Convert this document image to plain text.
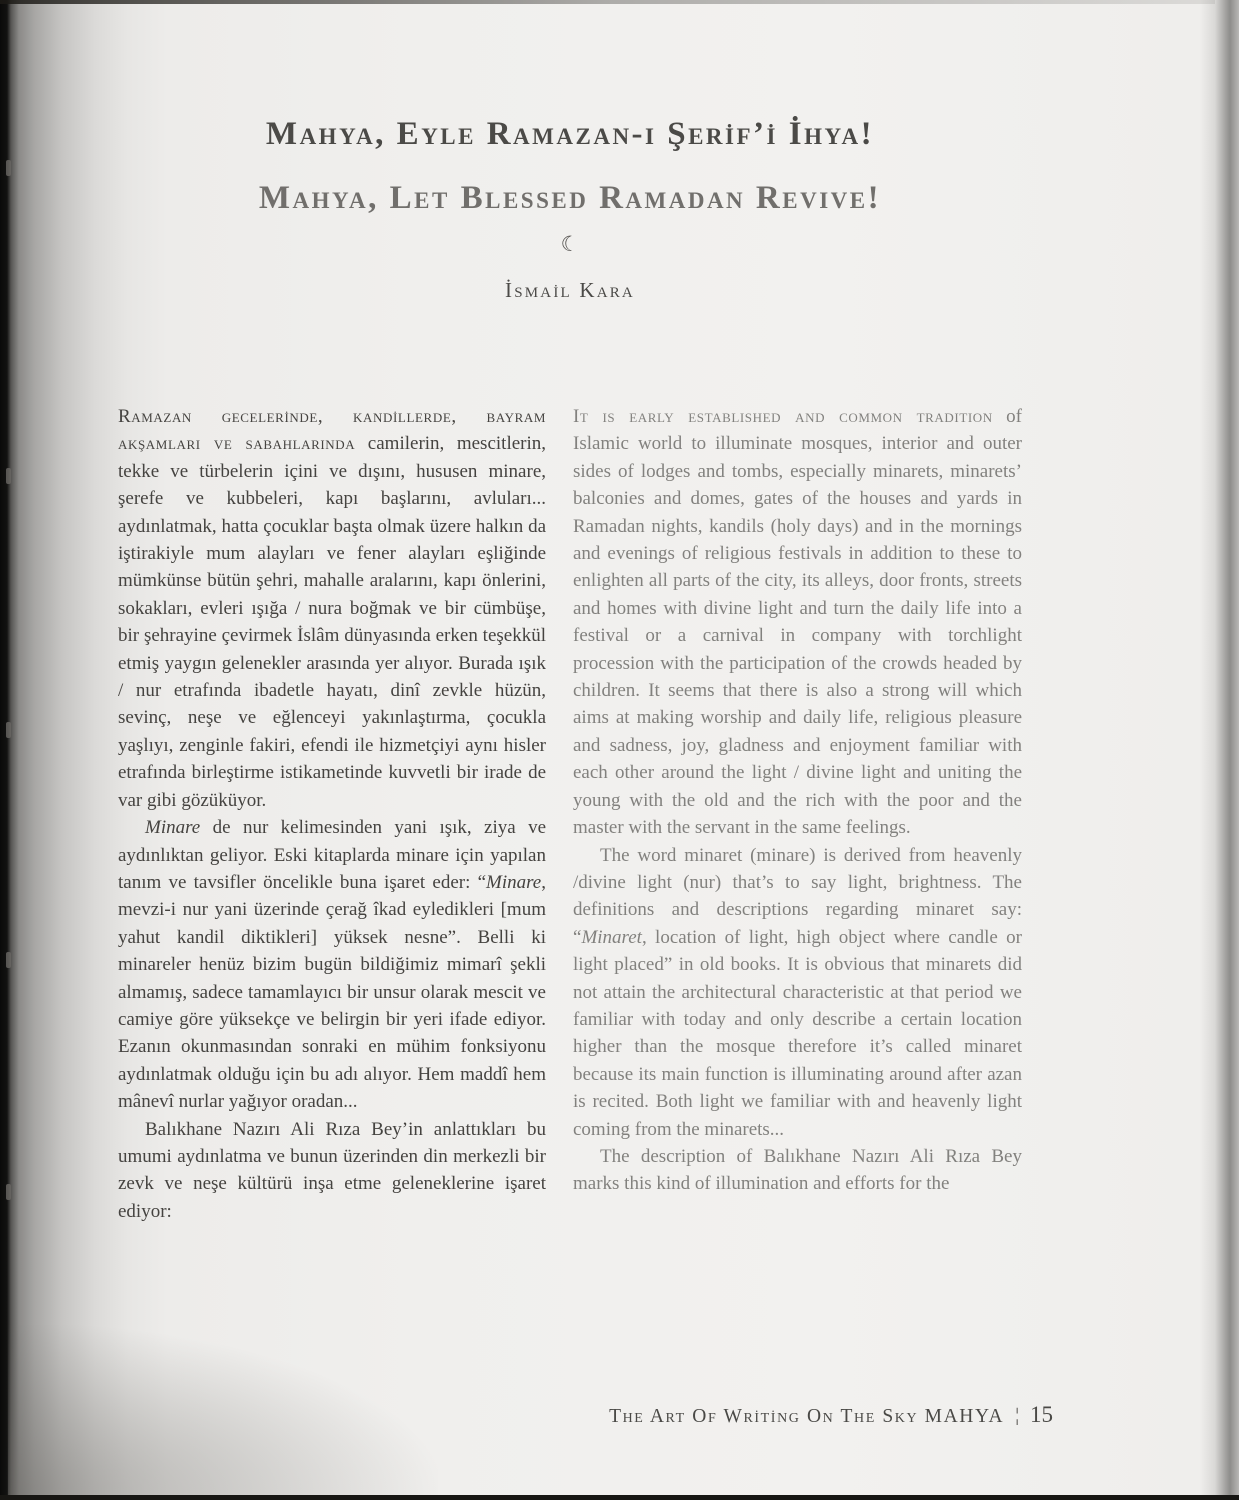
Mahya, Eyle Ramazan-ı Şerif’i İhya!
Mahya, Let Blessed Ramadan Revive!
☾
İsmail Kara

Ramazan gecelerinde, kandillerde, bayram akşamları ve sabahlarında camilerin, mescitlerin, tekke ve türbelerin içini ve dışını, hususen minare, şerefe ve kubbeleri, kapı başlarını, avluları... aydınlatmak, hatta çocuklar başta olmak üzere halkın da iştirakiyle mum alayları ve fener alayları eşliğinde mümkünse bütün şehri, mahalle aralarını, kapı önlerini, sokakları, evleri ışığa / nura boğmak ve bir cümbüşe, bir şehrayine çevirmek İslâm dünyasında erken teşekkül etmiş yaygın gelenekler arasında yer alıyor. Burada ışık / nur etrafında ibadetle hayatı, dinî zevkle hüzün, sevinç, neşe ve eğlenceyi yakınlaştırma, çocukla yaşlıyı, zenginle fakiri, efendi ile hizmetçiyi aynı hisler etrafında birleştirme istikametinde kuvvetli bir irade de var gibi gözüküyor.

Minare de nur kelimesinden yani ışık, ziya ve aydınlıktan geliyor. Eski kitaplarda minare için yapılan tanım ve tavsifler öncelikle buna işaret eder: “Minare, mevzi-i nur yani üzerinde çerağ îkad eyledikleri [mum yahut kandil diktikleri] yüksek nesne”. Belli ki minareler henüz bizim bugün bildiğimiz mimarî şekli almamış, sadece tamamlayıcı bir unsur olarak mescit ve camiye göre yüksekçe ve belirgin bir yeri ifade ediyor. Ezanın okunmasından sonraki en mühim fonksiyonu aydınlatmak olduğu için bu adı alıyor. Hem maddî hem mânevî nurlar yağıyor oradan...

Balıkhane Nazırı Ali Rıza Bey’in anlattıkları bu umumi aydınlatma ve bunun üzerinden din merkezli bir zevk ve neşe kültürü inşa etme geleneklerine işaret ediyor:

It is early established and common tradition of Islamic world to illuminate mosques, interior and outer sides of lodges and tombs, especially minarets, minarets’ balconies and domes, gates of the houses and yards in Ramadan nights, kandils (holy days) and in the mornings and evenings of religious festivals in addition to these to enlighten all parts of the city, its alleys, door fronts, streets and homes with divine light and turn the daily life into a festival or a carnival in company with torchlight procession with the participation of the crowds headed by children. It seems that there is also a strong will which aims at making worship and daily life, religious pleasure and sadness, joy, gladness and enjoyment familiar with each other around the light / divine light and uniting the young with the old and the rich with the poor and the master with the servant in the same feelings.

The word minaret (minare) is derived from heavenly /divine light (nur) that’s to say light, brightness. The definitions and descriptions regarding minaret say: “Minaret, location of light, high object where candle or light placed” in old books. It is obvious that minarets did not attain the architectural characteristic at that period we familiar with today and only describe a certain location higher than the mosque therefore it’s called minaret because its main function is illuminating around after azan is recited. Both light we familiar with and heavenly light coming from the minarets...

The description of Balıkhane Nazırı Ali Rıza Bey marks this kind of illumination and efforts for the

The Art Of Writing On The Sky MAHYA ¦ 15
